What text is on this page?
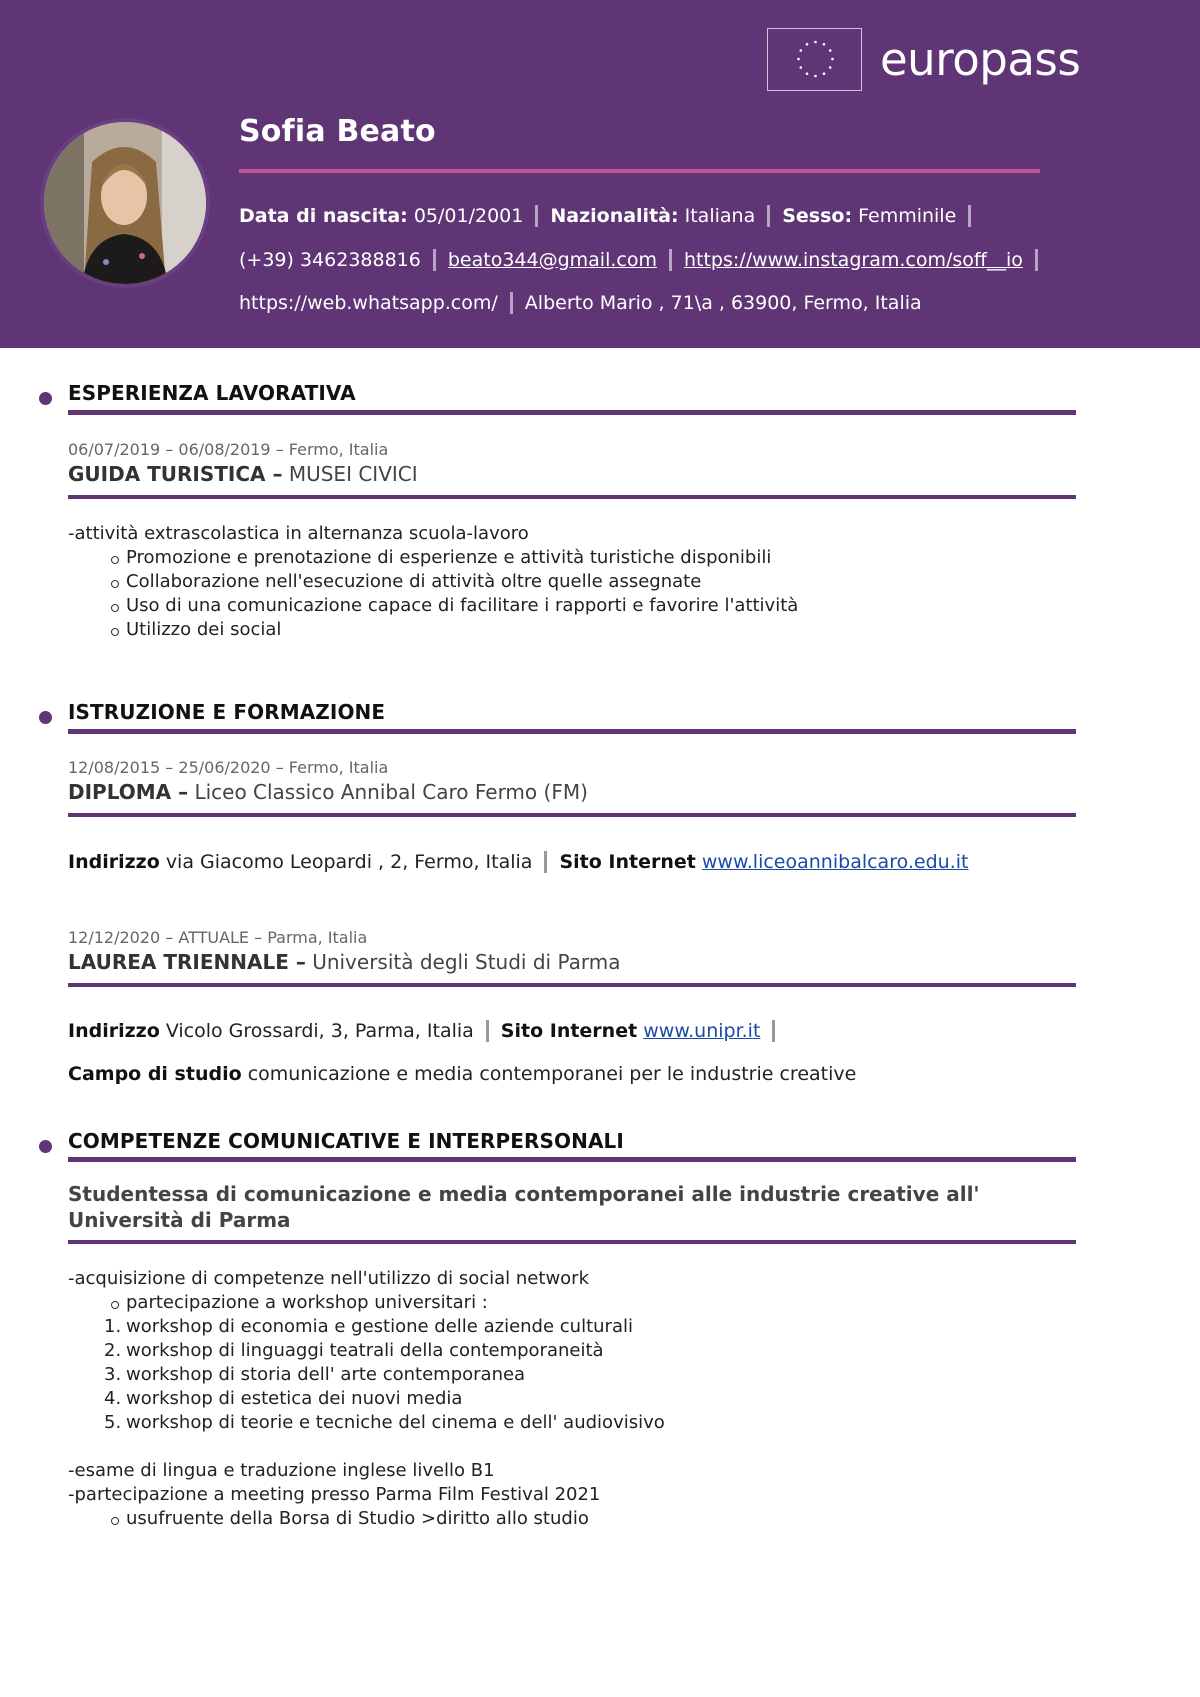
europass
Sofia Beato
Data di nascita:
05/01/2001 Nazionalità:
Italiana Sesso:
Femminile
(+39) 3462388816 beato344@gmail.com https://www.instagram.com/soff__io
https://web.whatsapp.com/ Alberto Mario , 71\a , 63900, Fermo, Italia
ESPERIENZA LAVORATIVA
06/07/2019 – 06/08/2019 – Fermo, Italia
GUIDA TURISTICA – MUSEI CIVICI
-attività extrascolastica in alternanza scuola-lavoro
Promozione e prenotazione di esperienze e attività turistiche disponibili
Collaborazione nell'esecuzione di attività oltre quelle assegnate
Uso di una comunicazione capace di facilitare i rapporti e favorire l'attività
Utilizzo dei social
ISTRUZIONE E FORMAZIONE
12/08/2015 – 25/06/2020 – Fermo, Italia
DIPLOMA – Liceo Classico Annibal Caro Fermo (FM)
Indirizzo
via Giacomo Leopardi , 2, Fermo, Italia Sito Internet
www.liceoannibalcaro.edu.it
12/12/2020 – ATTUALE – Parma, Italia
LAUREA TRIENNALE – Università degli Studi di Parma
Indirizzo
Vicolo Grossardi, 3, Parma, Italia Sito Internet
www.unipr.it
Campo di studio
comunicazione e media contemporanei per le industrie creative
COMPETENZE COMUNICATIVE E INTERPERSONALI
Studentessa di comunicazione e media contemporanei alle industrie creative all'
Università di Parma
-acquisizione di competenze nell'utilizzo di social network
partecipazione a workshop universitari :
1. workshop di economia e gestione delle aziende culturali
2. workshop di linguaggi teatrali della contemporaneità
3. workshop di storia dell' arte contemporanea
4. workshop di estetica dei nuovi media
5. workshop di teorie e tecniche del cinema e dell' audiovisivo
-esame di lingua e traduzione inglese livello B1
-partecipazione a meeting presso Parma Film Festival 2021
usufruente della Borsa di Studio >diritto allo studio
